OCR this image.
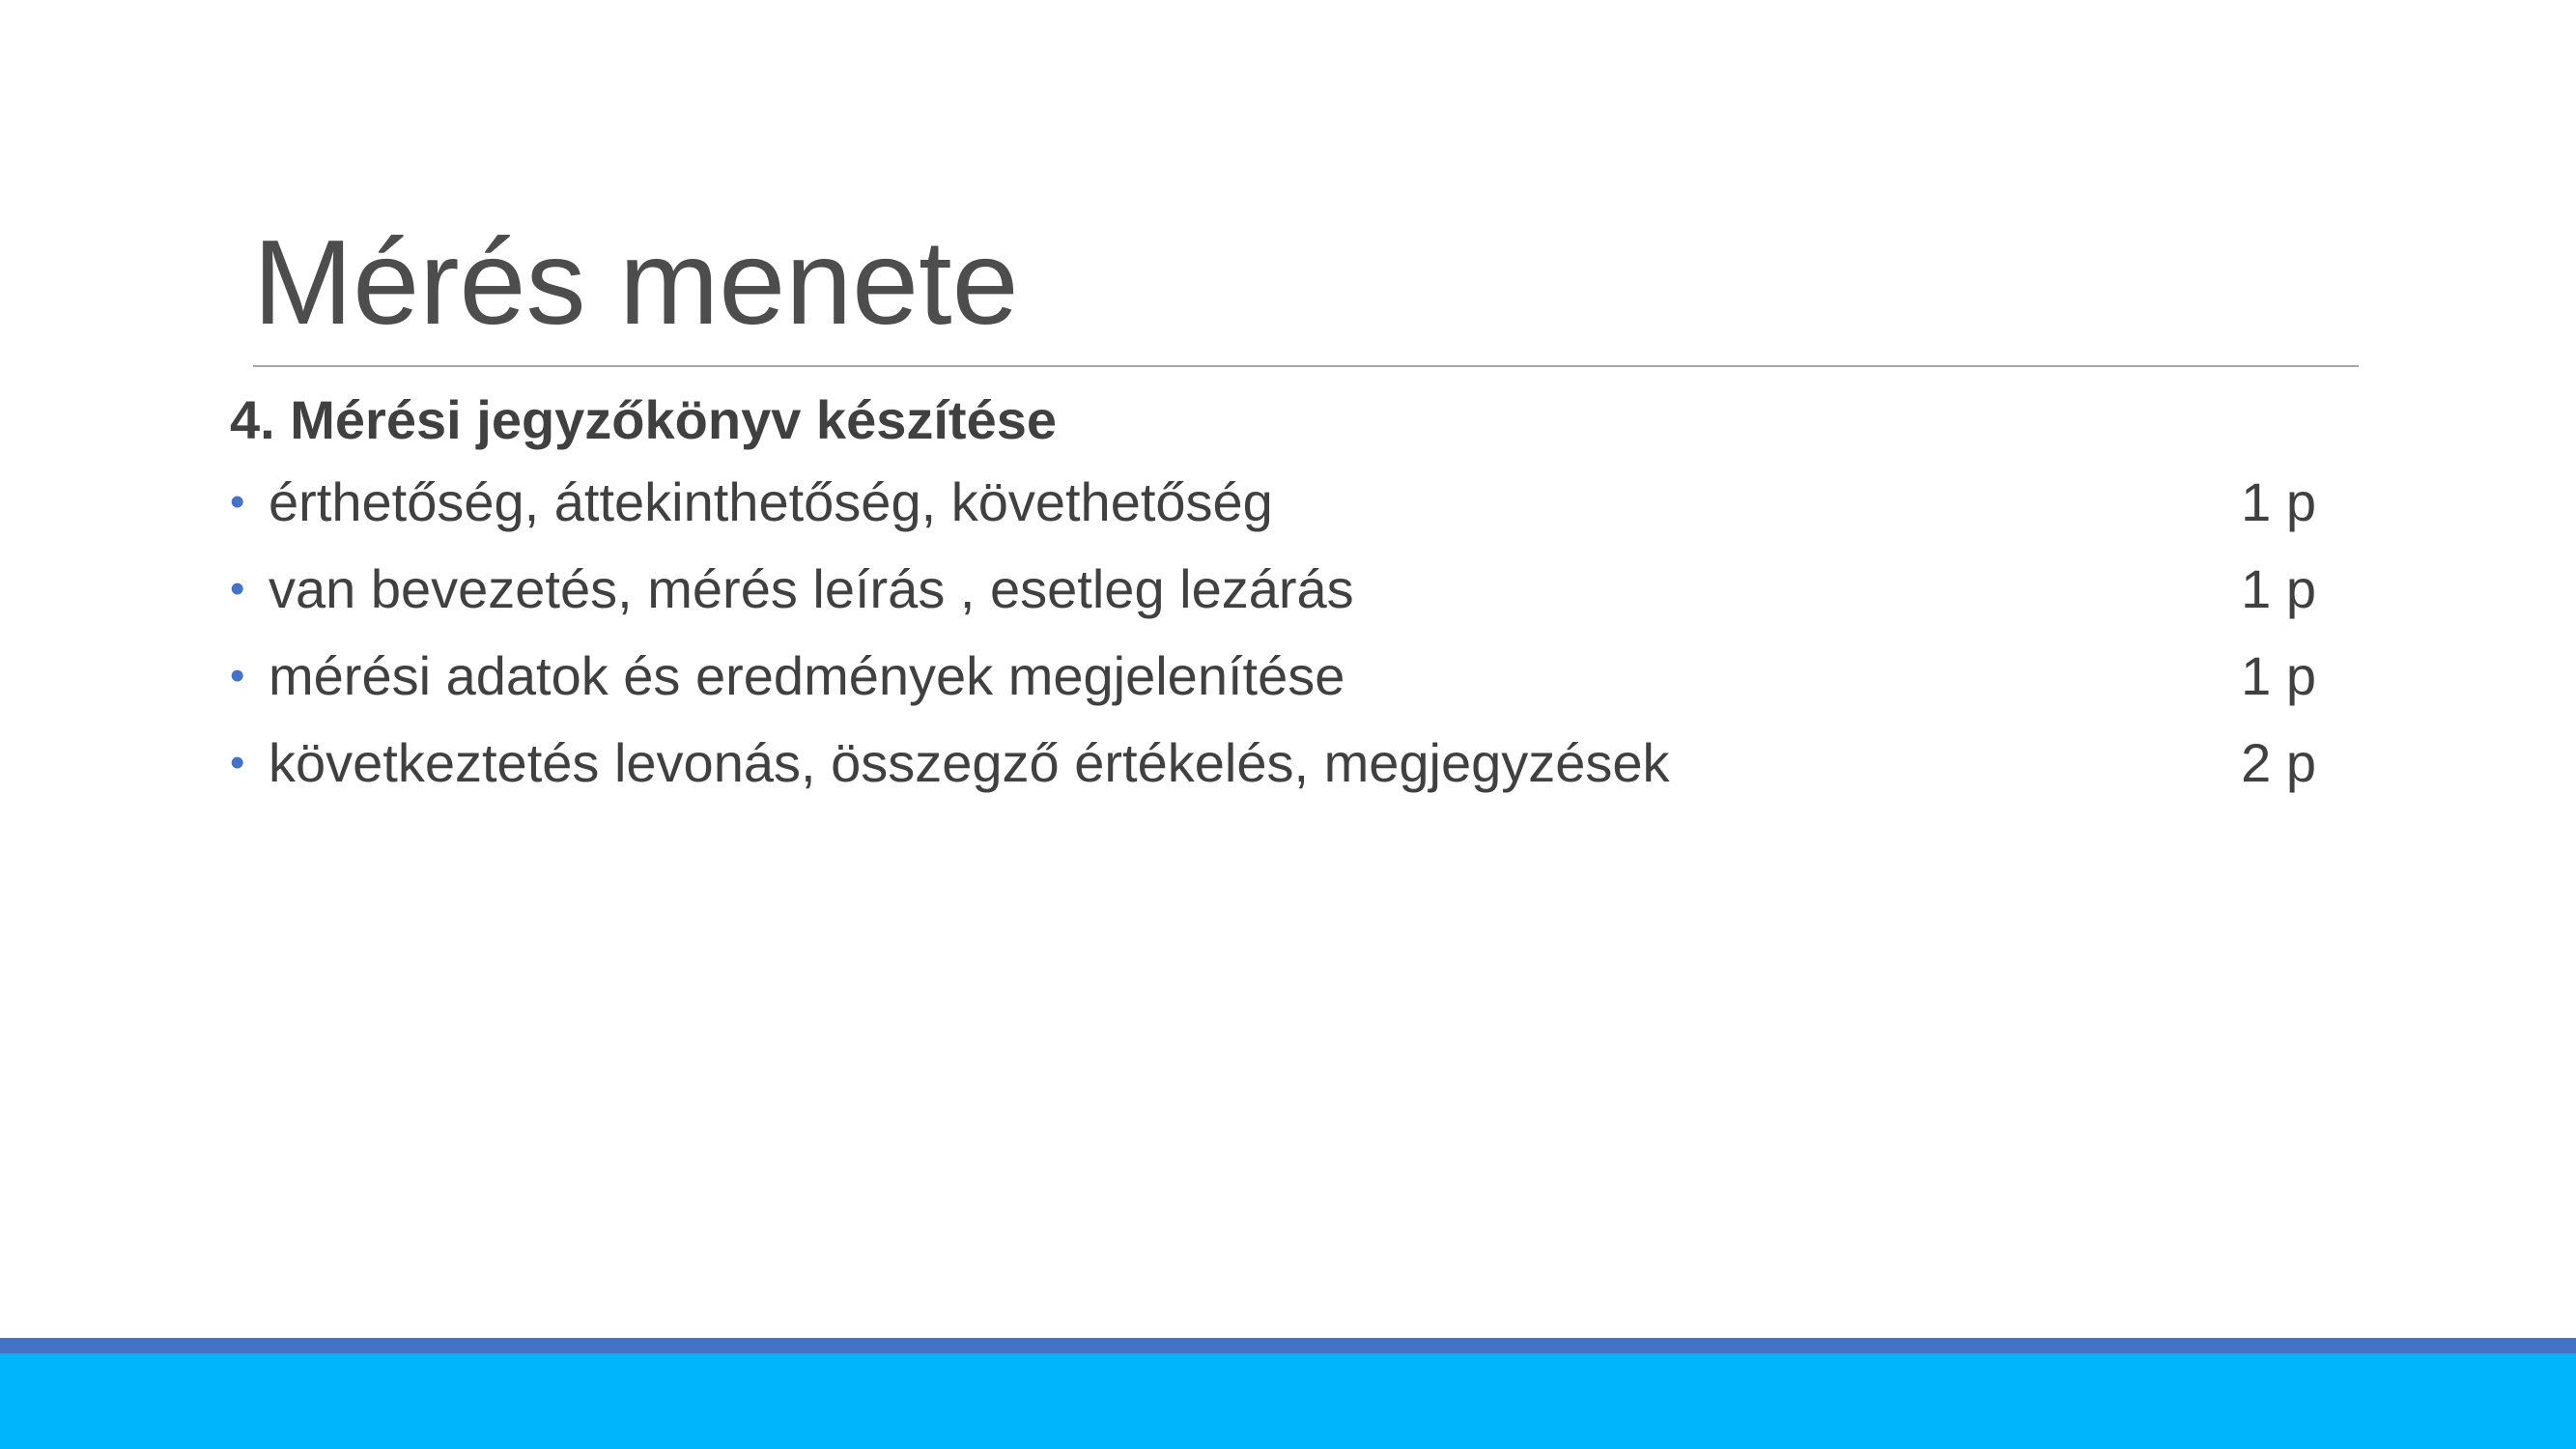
Mérés menete
4. Mérési jegyzőkönyv készítése
• érthetőség, áttekinthetőség, követhetőség	1 p
• van bevezetés, mérés leírás , esetleg lezárás	1 p
• mérési adatok és eredmények megjelenítése	1 p
• következtetés levonás, összegző értékelés, megjegyzések	2 p
